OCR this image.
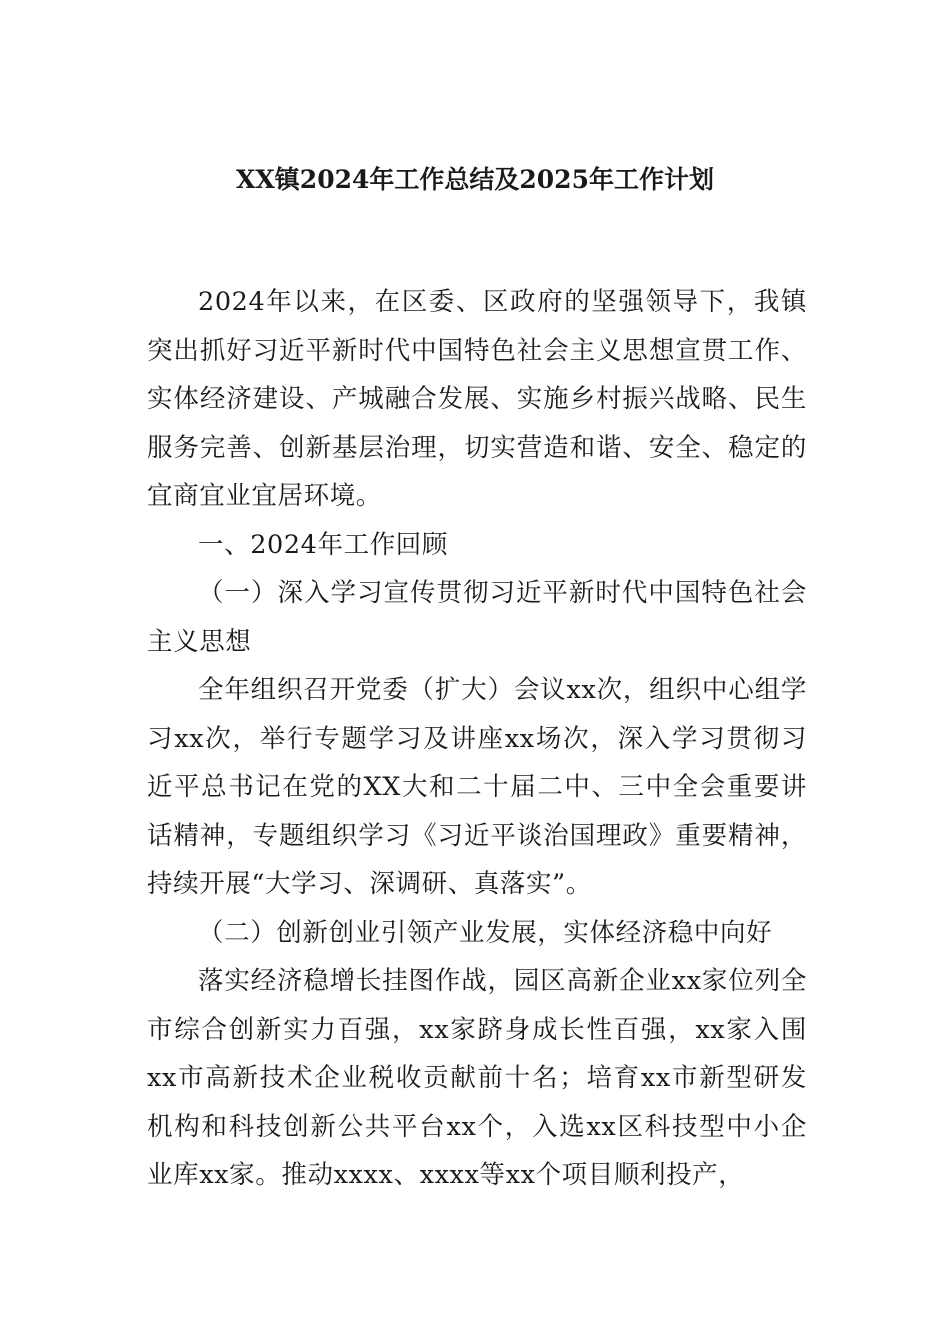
XX镇2024年工作总结及2025年工作计划

2024年以来，在区委、区政府的坚强领导下，我镇突出抓好习近平新时代中国特色社会主义思想宣贯工作、实体经济建设、产城融合发展、实施乡村振兴战略、民生服务完善、创新基层治理，切实营造和谐、安全、稳定的宜商宜业宜居环境。

一、2024年工作回顾

（一）深入学习宣传贯彻习近平新时代中国特色社会主义思想

全年组织召开党委（扩大）会议xx次，组织中心组学习xx次，举行专题学习及讲座xx场次，深入学习贯彻习近平总书记在党的XX大和二十届二中、三中全会重要讲话精神，专题组织学习《习近平谈治国理政》重要精神，持续开展“大学习、深调研、真落实”。

（二）创新创业引领产业发展，实体经济稳中向好

落实经济稳增长挂图作战，园区高新企业xx家位列全市综合创新实力百强，xx家跻身成长性百强，xx家入围xx市高新技术企业税收贡献前十名；培育xx市新型研发机构和科技创新公共平台xx个，入选xx区科技型中小企业库xx家。推动xxxx、xxxx等xx个项目顺利投产，
